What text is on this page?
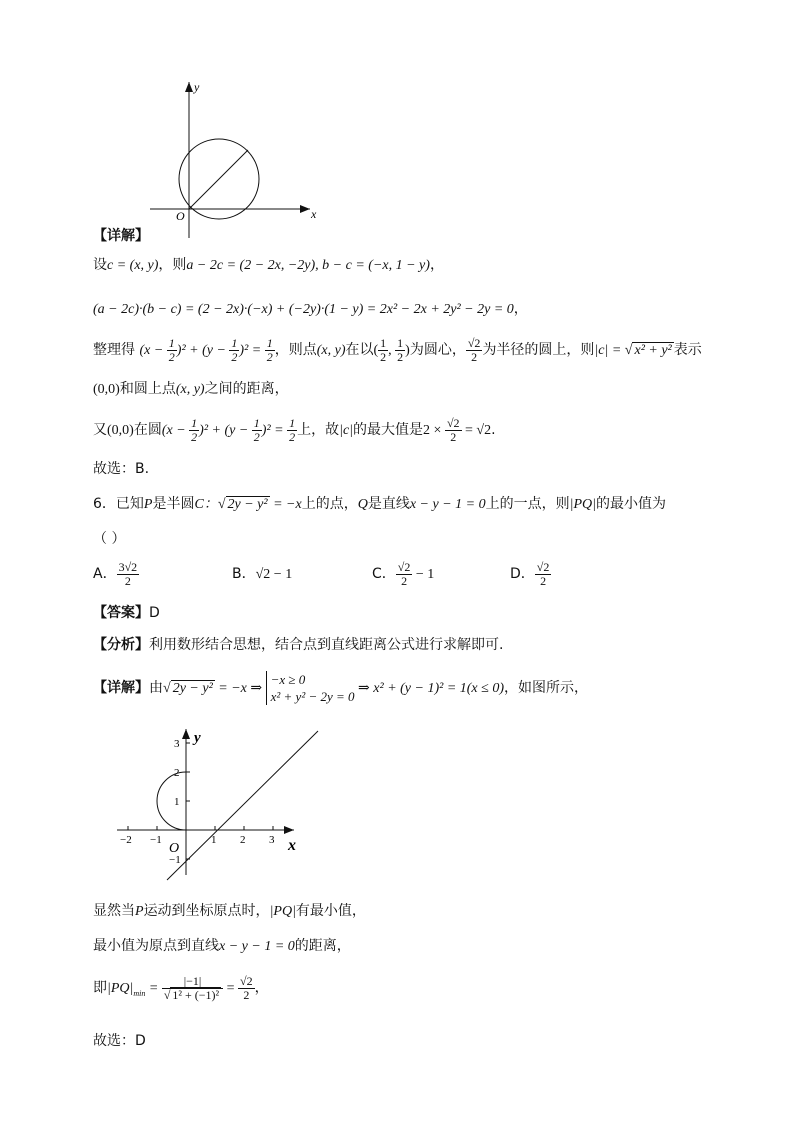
y
x
O
【详解】
设c = (x, y)，则a − 2c = (2 − 2x, −2y), b − c = (−x, 1 − y)，
(a − 2c)·(b − c) = (2 − 2x)·(−x) + (−2y)·(1 − y) = 2x² − 2x + 2y² − 2y = 0，
整理得 $(x - \frac{1}{2} )^2 + (y - \frac{1}{2} )^2 = \frac{1}{2}$ ，则点(x, y)在以( $\frac{1}{2}$ , $\frac{1}{2}$ )为圆心， $\frac{√2}{2}$ 为半径的圆上，则|c| = √ x² + y² 表示
(0,0)和圆上点(x, y)之间的距离，
又(0,0)在圆$(x - \frac{1}{2} )^2 + (y - \frac{1}{2} )^2 = \frac{1}{2}$ 上，故|c|的最大值是$2 \times \frac{√2}{2} = √2$.
故选：B.
6．已知P是半圆C：√ 2y − y² = −x上的点，Q是直线x − y − 1 = 0上的一点，则|PQ|的最小值为
（ ）
A． $\frac{3√2}{2}$	B．√2 − 1	C． $\frac{√2}{2} - 1$	D． $\frac{√2}{2}$
【答案】D
【分析】利用数形结合思想，结合点到直线距离公式进行求解即可.
【详解】由√ 2y − y² = −x ⇒ −x ≥ 0
x² + y² − 2y = 0 ⇒ x² + (y − 1)² = 1(x ≤ 0)，如图所示，
−2 −1	1 2 3
3
2
1
−1
y
x
O
显然当P运动到坐标原点时，|PQ|有最小值，
最小值为原点到直线x − y − 1 = 0的距离，
即$|PQ|_{min} = \frac{|-1|}{\text{√ 1² + (−1)²}} = \frac{√2}{2}$ ，
故选：D
